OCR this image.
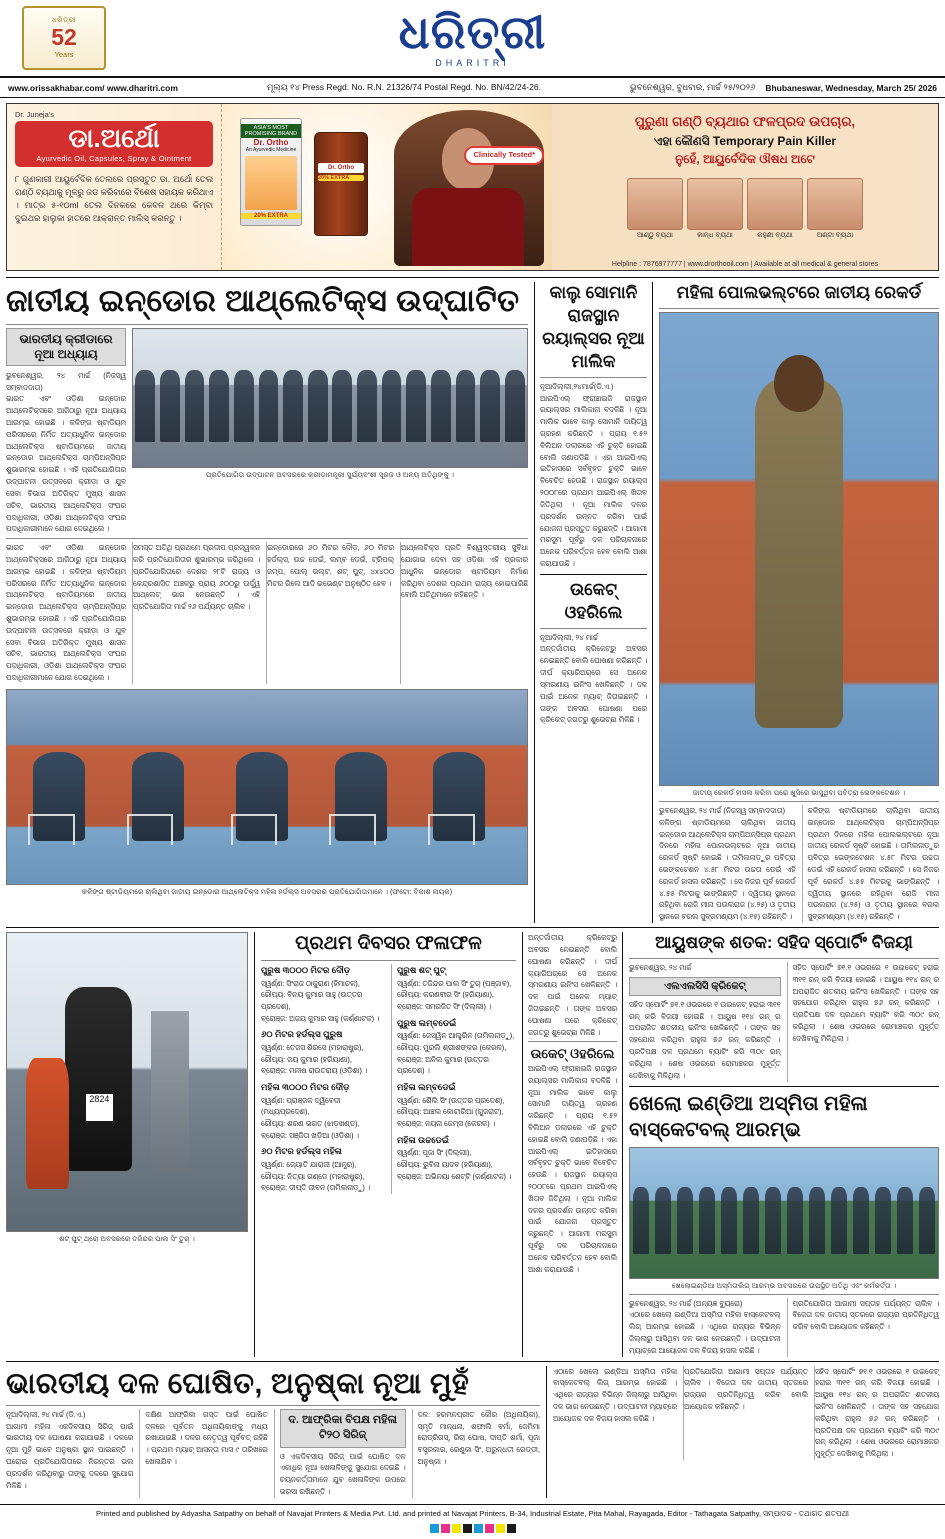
ଧରିତ୍ରୀ
52
Years	ଧରିତ୍ରୀ
DHARITRI
www.orissakhabar.com/ www.dharitri.com	ମୂଲ୍ୟ ୧୪ Press Regd. No. R.N. 21326/74 Postal Regd. No. BN/42/24-26.	ଭୁବନେଶ୍ୱର, ବୁଧବାର, ମାର୍ଚ୍ଚ ୨୫/୨୦୨୬ Bhubaneswar, Wednesday, March 25/ 2026
Dr. Juneja's
ଡା.ଅର୍ଥୋ
Ayurvedic Oil, Capsules, Spray & Ointment

୮ ଗୁଣକାରୀ ଆୟୁର୍ବେଦିକ ତେଲରେ ପ୍ରସ୍ତୁତ ଡା. ଅର୍ଥୋ ତେଲ ଗଣ୍ଠି ବ୍ୟଥାକୁ ମୂଳରୁ ଜଡ କରିବାରେ ବିଶେଷ ସହାୟକ କରିଥାଏ । ମାତ୍ର ୫-୧୦ml ତେଲ ଦିନକରେ କେବଳ ଥରେ କିମ୍ବା ଦୁଇଥର ହାଲୁକା ହାତରେ ଆକ୍ରାନ୍ତ ମାଲିସ୍ କରନ୍ତୁ ।

ASIA'S MOST PROMISING BRAND
Dr. Ortho
An Ayurvedic Medicine
20% EXTRA
Dr. Ortho
20% EXTRA
Clinically Tested*
ପୁରୁଣା ଗଣ୍ଠି ବ୍ୟଥାର ଫଳପ୍ରଦ ଉପଚାର,
ଏହା କୌଣସି Temporary Pain Killer
ନୁହେଁ, ଆୟୁର୍ବେଦିକ ଔଷଧ ଅଟେ
ଆଣ୍ଠୁ ବ୍ୟଥା	କାନ୍ଧ ବ୍ୟଥା	କହୁଣୀ ବ୍ୟଥା	ଅଣ୍ଟା ବ୍ୟଥା
Helpline : 7876977777 | www.drorthooil.com | Available at all medical & general stores
ଜାତୀୟ ଇନ୍ଡୋର ଆଥ୍‌ଲେଟିକ୍ସ ଉଦ୍‌ଘାଟିତ
ଭାରତୀୟ କ୍ରୀଡାରେ ନୂଆ ଅଧ୍ୟାୟ
ଭୁବନେଶ୍ୱର, ୨୪ ମାର୍ଚ୍ଚ (ନିଜସ୍ୱ ସମ୍ବାଦଦାତା)
ଭାରତ ଏବଂ ଓଡ଼ିଶା ଇନ୍ଡୋର ଆଥ୍‌ଲେଟିକ୍ସରେ ଆଜିଠାରୁ ନୂଆ ଅଧ୍ୟାୟ ଆରମ୍ଭ ହୋଇଛି । କଳିଙ୍ଗ ଷ୍ଟାଡିୟମ ପରିସରରେ ନିର୍ମିତ ଅତ୍ୟାଧୁନିକ ଇନ୍ଡୋର ଆଥ୍‌ଲେଟିକ୍ସ ଷ୍ଟାଡିୟମରେ ଜାତୀୟ ଇନ୍ଡୋର ଆଥ୍‌ଲେଟିକ୍ସ ଚାମ୍ପିଅନ୍‌ସିପ୍‌ର ଶୁଭାରମ୍ଭ ହୋଇଛି । ଏହି ପ୍ରତିଯୋଗିତାର ଉଦ୍‌ଘାଟନୀ ଉତ୍ସବରେ କ୍ରୀଡ଼ା ଓ ଯୁବ ସେବା ବିଭାଗ ଅତିରିକ୍ତ ମୁଖ୍ୟ ଶାସନ ସଚିବ, ଭାରତୀୟ ଆଥ୍‌ଲେଟିକ୍ସ ସଂଘର ପଦାଧିକାରୀ, ଓଡ଼ିଶା ଆଥ୍‌ଲେଟିକ୍ସ ସଂଘର ପଦାଧିକାରୀମାନେ ଯୋଗ ଦେଇଥିଲେ ।
ପ୍ରତିଯୋଗିତା ଉଦ୍‌ଘାଟନ ଅବସରରେ କ୍ରୀଡ଼ାମନ୍ତ୍ରୀ ସୁର୍ଯ୍ୟବଂଶୀ ସୂରଜ ଓ ଅନ୍ୟ ଅତିଥିଙ୍କୁ ।
ଭାରତ ଏବଂ ଓଡ଼ିଶା ଇନ୍ଡୋର ଆଥ୍‌ଲେଟିକ୍ସରେ ଆଜିଠାରୁ ନୂଆ ଅଧ୍ୟାୟ ଆରମ୍ଭ ହୋଇଛି । କଳିଙ୍ଗ ଷ୍ଟାଡିୟମ ପରିସରରେ ନିର୍ମିତ ଅତ୍ୟାଧୁନିକ ଇନ୍ଡୋର ଆଥ୍‌ଲେଟିକ୍ସ ଷ୍ଟାଡିୟମରେ ଜାତୀୟ ଇନ୍ଡୋର ଆଥ୍‌ଲେଟିକ୍ସ ଚାମ୍ପିଅନ୍‌ସିପ୍‌ର ଶୁଭାରମ୍ଭ ହୋଇଛି । ଏହି ପ୍ରତିଯୋଗିତାର ଉଦ୍‌ଘାଟନୀ ଉତ୍ସବରେ କ୍ରୀଡ଼ା ଓ ଯୁବ ସେବା ବିଭାଗ ଅତିରିକ୍ତ ମୁଖ୍ୟ ଶାସନ ସଚିବ, ଭାରତୀୟ ଆଥ୍‌ଲେଟିକ୍ସ ସଂଘର ପଦାଧିକାରୀ, ଓଡ଼ିଶା ଆଥ୍‌ଲେଟିକ୍ସ ସଂଘର ପଦାଧିକାରୀମାନେ ଯୋଗ ଦେଇଥିଲେ ।
ସମସ୍ତ ଅତିଥି ପ୍ରଥମେ ପ୍ରଦୀପ ପ୍ରଜ୍ୱଳନ କରି ପ୍ରତିଯୋଗିତାର ଶୁଭାରମ୍ଭ କରିଥିଲେ । ପ୍ରତିଯୋଗିତାରେ ଦେଶର ୨୮ଟି ରାଜ୍ୟ ଓ କେନ୍ଦ୍ରଶାସିତ ଅଞ୍ଚଳରୁ ପ୍ରାୟ ୬୦୦ରୁ ଊର୍ଦ୍ଧ୍ୱ ଆଥ୍‌ଲେଟ୍ ଭାଗ ନେଉଛନ୍ତି । ଏହି ପ୍ରତିଯୋଗିତା ମାର୍ଚ୍ଚ ୨୬ ପର୍ଯ୍ୟନ୍ତ ଚାଲିବ ।
ଇନ୍ଡୋରରେ ୬୦ ମିଟର ଦୌଡ଼, ୬୦ ମିଟର ହର୍ଡଲ୍ସ, ଉଚ୍ଚ ଡେଇଁ, ଲମ୍ବ ଡେଇଁ, ଟ୍ରିପଲ୍ ଜମ୍ପ, ପୋଲ୍ ଭଲ୍ଟ, ଶଟ୍ ପୁଟ୍, ୪x୪୦୦ ମିଟର ରିଲେ ଆଦି ଇଭେଣ୍ଟ ଅନୁଷ୍ଠିତ ହେବ ।
ଆଥ୍‌ଲେଟିକ୍ସ ପ୍ରତି ବିଶ୍ୱସ୍ତରୀୟ ସୁବିଧା ଯୋଗାଇ ଦେବା ସହ ଓଡ଼ିଶା ଏହି ପ୍ରକାର ଆଧୁନିକ ଇନ୍ଡୋର ଷ୍ଟାଡିୟମ ନିର୍ମାଣ କରିଥିବା ଦେଶର ପ୍ରଥମ ରାଜ୍ୟ ହୋଇପାରିଛି ବୋଲି ଅତିଥିମାନେ କହିଛନ୍ତି ।
କଳିଙ୍ଗ ଷ୍ଟାଡିୟମରେ ଚାଲିଥିବା ଜାତୀୟ ଇନ୍ଡୋର ଆଥ୍‌ଲେଟିକ୍ସ ମହିଳା ହର୍ଡଲ୍ସ ଅବସରର ପ୍ରତିଯୋଗିତାମାନେ । (ଫଟୋ: ବିକାଶ ନାୟକ)
କାଲୁ ସୋମାନି ରାଜସ୍ଥାନ ରୟାଲ୍ସର ନୂଆ ମାଲିକ
ନୂଆଦିଲ୍ଲୀ,୨୪ମାର୍ଚ୍ଚ(ଡି.ଏ.)
ଆଇପିଏଲ୍ ଫ୍ରାଞ୍ଚାଇଜି ରାଜସ୍ଥାନ ରୟାଲ୍ସର ମାଲିକାନା ବଦଳିଛି । ନୂଆ ମାଲିକ ଭାବେ କାଲୁ ସୋମାନି ଦାୟିତ୍ୱ ଗ୍ରହଣ କରିଛନ୍ତି । ପ୍ରାୟ ୧.୫୨ ବିଲିଅନ ଡଲାରରେ ଏହି ଚୁକ୍ତି ହୋଇଛି ବୋଲି ଜଣାପଡ଼ିଛି । ଏହା ଆଇପିଏଲ୍ ଇତିହାସରେ ସର୍ବବୃହତ ଚୁକ୍ତି ଭାବେ ବିବେଚିତ ହେଉଛି । ରାଜସ୍ଥାନ ରୟାଲ୍ସ ୨୦୦୮ରେ ପ୍ରଥମ ଆଇପିଏଲ୍ ଖିତାବ ଜିତିଥିଲା । ନୂଆ ମାଲିକ ଦଳର ପ୍ରଦର୍ଶନ ଉନ୍ନତ କରିବା ପାଇଁ ଯୋଜନା ପ୍ରସ୍ତୁତ କରୁଛନ୍ତି । ଆଗାମୀ ମରସୁମ ପୂର୍ବରୁ ଦଳ ପରିଚାଳନାରେ ଅନେକ ପରିବର୍ତ୍ତନ ହେବ ବୋଲି ଆଶା କରାଯାଉଛି ।
ଉକେଟ୍ ଓହରିଲେ
ନୂଆଦିଲ୍ଲୀ, ୨୪ ମାର୍ଚ୍ଚ
ଅନ୍ତର୍ଜାତୀୟ କ୍ରିକେଟ୍‌ରୁ ଅବସର ନେଇଛନ୍ତି ବୋଲି ଘୋଷଣା କରିଛନ୍ତି । ଦୀର୍ଘ କ୍ୟାରିଅର୍‌ରେ ସେ ଅନେକ ସ୍ମରଣୀୟ ଇନିଂସ ଖେଳିଛନ୍ତି । ଦଳ ପାଇଁ ଅନେକ ମ୍ୟାଚ୍ ଜିତାଇଛନ୍ତି । ତାଙ୍କ ଅବସର ଘୋଷଣା ପରେ କ୍ରିକେଟ୍ ଜଗତରୁ ଶୁଭେଚ୍ଛା ମିଳିଛି ।
ମହିଳା ପୋଲଭଲ୍ଟରେ ଜାତୀୟ ରେକର୍ଡ
ଜାତୀୟ ରେକର୍ଡ ହାସଲ କରିବା ପରେ ଖୁସିରେ ଭାସୁଥିବା ପବିତ୍ରା ଭେଙ୍କଟେଶନ ।
ଭୁବନେଶ୍ୱର, ୨୪ ମାର୍ଚ୍ଚ (ନିଜସ୍ୱ ସମ୍ବାଦଦାତା)
କଳିଙ୍ଗ ଷ୍ଟାଡିୟମରେ ଚାଲିଥିବା ଜାତୀୟ ଇନ୍ଡୋର ଆଥ୍‌ଲେଟିକ୍ସ ଚାମ୍ପିଅନ୍‌ସିପ୍‌ର ପ୍ରଥମ ଦିନରେ ମହିଳା ପୋଲଭଲ୍ଟରେ ନୂଆ ଜାତୀୟ ରେକର୍ଡ ସୃଷ୍ଟି ହୋଇଛି । ତାମିଲନାଡ଼ୁର ପବିତ୍ରା ଭେଙ୍କଟେଶନ ୪.୫୮ ମିଟର ଉଚ୍ଚତା ଡେଇଁ ଏହି ରେକର୍ଡ ହାସଲ କରିଛନ୍ତି । ସେ ନିଜର ପୂର୍ବ ରେକର୍ଡ ୪.୫୫ ମିଟରକୁ ଭାଙ୍ଗିଛନ୍ତି । ଦ୍ୱିତୀୟ ସ୍ଥାନରେ ରହିଥିବା ରୋଜି ମୀନା ପଉଲରାଜ (୪.୨୫) ଓ ତୃତୀୟ ସ୍ଥାନରେ ବରଲ ସୁବ୍ରମଣ୍ୟମ (୪.୧୫) ରହିଛନ୍ତି ।
କଳିଙ୍ଗ ଷ୍ଟାଡିୟମରେ ଚାଲିଥିବା ଜାତୀୟ ଇନ୍ଡୋର ଆଥ୍‌ଲେଟିକ୍ସ ଚାମ୍ପିଅନ୍‌ସିପ୍‌ର ପ୍ରଥମ ଦିନରେ ମହିଳା ପୋଲଭଲ୍ଟରେ ନୂଆ ଜାତୀୟ ରେକର୍ଡ ସୃଷ୍ଟି ହୋଇଛି । ତାମିଲନାଡ଼ୁର ପବିତ୍ରା ଭେଙ୍କଟେଶନ ୪.୫୮ ମିଟର ଉଚ୍ଚତା ଡେଇଁ ଏହି ରେକର୍ଡ ହାସଲ କରିଛନ୍ତି । ସେ ନିଜର ପୂର୍ବ ରେକର୍ଡ ୪.୫୫ ମିଟରକୁ ଭାଙ୍ଗିଛନ୍ତି । ଦ୍ୱିତୀୟ ସ୍ଥାନରେ ରହିଥିବା ରୋଜି ମୀନା ପଉଲରାଜ (୪.୨୫) ଓ ତୃତୀୟ ସ୍ଥାନରେ ବରଲ ସୁବ୍ରମଣ୍ୟମ (୪.୧୫) ରହିଛନ୍ତି ।
2824
ଶଟ୍ ପୁଟ୍ ଥ୍ରୋ ଅବସରରେ ତଜିନ୍ଦର ପାଲ ସିଂ ତୁର୍ ।
ପ୍ରଥମ ଦିବସର ଫଳାଫଳ
ପୁରୁଷ ୩୦୦୦ ମିଟର ଦୌଡ଼
ସ୍ୱର୍ଣ୍ଣ: ସିଂରାଜ ଠାକୁରାଣ (ହିମାଚଳ),
ରୌପ୍ୟ: ବିନୟ କୁମାର ସାହୁ (ଉତ୍ତର ପ୍ରଦେଶ),
ବ୍ରୋଞ୍ଜ: ଅଜୟ କୁମାର ସାହୁ (କର୍ଣ୍ଣାଟକ) ।
୬୦ ମିଟର ହର୍ଡଲ୍ସ ପୁରୁଷ
ସ୍ୱର୍ଣ୍ଣ: ତେଜସ ଶିରସେ (ମହାରାଷ୍ଟ୍ର),
ରୌପ୍ୟ: ଜୟ କୁମାର (ହରିୟାଣା),
ବ୍ରୋଞ୍ଜ: ମନୀଷ ରାଉତରାୟ (ଓଡ଼ିଶା) ।
ମହିଳା ୩୦୦୦ ମିଟର ଦୌଡ଼
ସ୍ୱର୍ଣ୍ଣ: ପ୍ରାଞ୍ଜଳ ଦ୍ୱିବେଦୀ (ମଧ୍ୟପ୍ରଦେଶ),
ରୌପ୍ୟ: ଶରଣ ଭଗତ (ଝାଡ଼ଖଣ୍ଡ),
ବ୍ରୋଞ୍ଜ: ସଞ୍ଜିତା ଖଡ଼ିଆ (ଓଡ଼ିଶା) ।
୬୦ ମିଟର ହର୍ଡଲ୍ସ ମହିଳା
ସ୍ୱର୍ଣ୍ଣ: ଜ୍ୟୋତି ଯାରାଜୀ (ଆନ୍ଧ୍ର),
ରୌପ୍ୟ: ନିତ୍ୟା ଗଣ୍ଡେ (ମହାରାଷ୍ଟ୍ର),
ବ୍ରୋଞ୍ଜ: ଦୀପ୍ତି ଜୀବନ (ତାମିଲନାଡ଼ୁ) ।
ପୁରୁଷ ଶଟ୍ ପୁଟ୍
ସ୍ୱର୍ଣ୍ଣ: ତଜିନ୍ଦର ପାଲ ସିଂ ତୁର୍ (ପଞ୍ଜାବ),
ରୌପ୍ୟ: କରଣଵୀର ସିଂ (ହରିୟାଣା),
ବ୍ରୋଞ୍ଜ: ସମରଜିତ ସିଂ (ଦିଲ୍ଲୀ) ।
ପୁରୁଷ ଲମ୍ବଡେଇଁ
ସ୍ୱର୍ଣ୍ଣ: ଜେସ୍ୱିନ ଆଲ୍ଡ୍ରିନ (ତାମିଲନାଡ଼ୁ),
ରୌପ୍ୟ: ମୁରଲି ଶ୍ରୀଶଙ୍କର (କେରଳ),
ବ୍ରୋଞ୍ଜ: ଅନିଲ କୁମାର (ଉତ୍ତର ପ୍ରଦେଶ) ।
ମହିଳା ଲମ୍ବଡେଇଁ
ସ୍ୱର୍ଣ୍ଣ: ଶୈଲି ସିଂ (ଉତ୍ତର ପ୍ରଦେଶ),
ରୌପ୍ୟ: ଆଞ୍ଚଲ କୋଟାରିଆ (ଗୁଜରାଟ),
ବ୍ରୋଞ୍ଜ: ନୟନା ଜେମ୍ସ (କେରଳ) ।
ମହିଳା ଉଚ୍ଚଡେଇଁ
ସ୍ୱର୍ଣ୍ଣ: ପୂଜା ସିଂ (ଦିଲ୍ଲୀ),
ରୌପ୍ୟ: ରୁବିନା ୟାଦବ (ହରିୟାଣା),
ବ୍ରୋଞ୍ଜ: ଅଭିନୟା ଶେଟ୍ଟି (କର୍ଣ୍ଣାଟକ) ।
ଅନ୍ତର୍ଜାତୀୟ କ୍ରିକେଟ୍‌ରୁ ଅବସର ନେଇଛନ୍ତି ବୋଲି ଘୋଷଣା କରିଛନ୍ତି । ଦୀର୍ଘ କ୍ୟାରିଅର୍‌ରେ ସେ ଅନେକ ସ୍ମରଣୀୟ ଇନିଂସ ଖେଳିଛନ୍ତି । ଦଳ ପାଇଁ ଅନେକ ମ୍ୟାଚ୍ ଜିତାଇଛନ୍ତି । ତାଙ୍କ ଅବସର ଘୋଷଣା ପରେ କ୍ରିକେଟ୍ ଜଗତରୁ ଶୁଭେଚ୍ଛା ମିଳିଛି ।
ଉକେଟ୍ ଓହରିଲେ
ଆଇପିଏଲ୍ ଫ୍ରାଞ୍ଚାଇଜି ରାଜସ୍ଥାନ ରୟାଲ୍ସର ମାଲିକାନା ବଦଳିଛି । ନୂଆ ମାଲିକ ଭାବେ କାଲୁ ସୋମାନି ଦାୟିତ୍ୱ ଗ୍ରହଣ କରିଛନ୍ତି । ପ୍ରାୟ ୧.୫୨ ବିଲିଅନ ଡଲାରରେ ଏହି ଚୁକ୍ତି ହୋଇଛି ବୋଲି ଜଣାପଡ଼ିଛି । ଏହା ଆଇପିଏଲ୍ ଇତିହାସରେ ସର୍ବବୃହତ ଚୁକ୍ତି ଭାବେ ବିବେଚିତ ହେଉଛି । ରାଜସ୍ଥାନ ରୟାଲ୍ସ ୨୦୦୮ରେ ପ୍ରଥମ ଆଇପିଏଲ୍ ଖିତାବ ଜିତିଥିଲା । ନୂଆ ମାଲିକ ଦଳର ପ୍ରଦର୍ଶନ ଉନ୍ନତ କରିବା ପାଇଁ ଯୋଜନା ପ୍ରସ୍ତୁତ କରୁଛନ୍ତି । ଆଗାମୀ ମରସୁମ ପୂର୍ବରୁ ଦଳ ପରିଚାଳନାରେ ଅନେକ ପରିବର୍ତ୍ତନ ହେବ ବୋଲି ଆଶା କରାଯାଉଛି ।
ଆୟୁଷଙ୍କ ଶତକ: ସହିଦ ସ୍ପୋର୍ଟିଂ ବିଜୟୀ
ଭୁବନେଶ୍ୱର, ୨୪ ମାର୍ଚ୍ଚ
ଏଲଏଲସିସି କ୍ରିକେଟ୍
ସହିଦ ସ୍ପୋର୍ଟିଂ ୭୧.୧ ଓଭରରେ ୧ ଉଇକେଟ୍ ହରାଇ ୩୧୧ ରନ୍ କରି ବିଜୟୀ ହୋଇଛି । ଆୟୁଷ ୧୧୪ ରନ୍ ର ଅପରାଜିତ ଶତକୀୟ ଇନିଂସ ଖେଳିଛନ୍ତି । ତାଙ୍କ ସହ ସହଯୋଗ କରିଥିବା ରାହୁଲ ୭୬ ରନ୍ କରିଛନ୍ତି । ପ୍ରତିପକ୍ଷ ଦଳ ପ୍ରଥମେ ବ୍ୟାଟିଂ କରି ୩୦୯ ରନ୍ କରିଥିଲା । ଶେଷ ଓଭରରେ ରୋମାଞ୍ଚକର ମୁହୂର୍ତ୍ତ ଦେଖିବାକୁ ମିଳିଥିଲା ।
ସହିଦ ସ୍ପୋର୍ଟିଂ ୭୧.୧ ଓଭରରେ ୧ ଉଇକେଟ୍ ହରାଇ ୩୧୧ ରନ୍ କରି ବିଜୟୀ ହୋଇଛି । ଆୟୁଷ ୧୧୪ ରନ୍ ର ଅପରାଜିତ ଶତକୀୟ ଇନିଂସ ଖେଳିଛନ୍ତି । ତାଙ୍କ ସହ ସହଯୋଗ କରିଥିବା ରାହୁଲ ୭୬ ରନ୍ କରିଛନ୍ତି । ପ୍ରତିପକ୍ଷ ଦଳ ପ୍ରଥମେ ବ୍ୟାଟିଂ କରି ୩୦୯ ରନ୍ କରିଥିଲା । ଶେଷ ଓଭରରେ ରୋମାଞ୍ଚକର ମୁହୂର୍ତ୍ତ ଦେଖିବାକୁ ମିଳିଥିଲା ।
ଖେଲୋ ଇଣ୍ଡିଆ ଅସ୍ମିତା ମହିଳା ବାସ୍କେଟବଲ୍ ଆରମ୍ଭ
ଖେଲୋଇଣ୍ଡିଆ ଅସ୍ମିତାଲିଗ୍ ଆରମ୍ଭ ଅବସରରେ ଉପସ୍ଥିତ ଅତିଥି ଏବଂ କର୍ମକର୍ତ୍ତା ।
ଭୁବନେଶ୍ୱର, ୨୪ ମାର୍ଚ୍ଚ (ଅନ୍ୟଜ୍ଞ ବ୍ୟୁରୋ)
ଏଠାରେ ଖେଲୋ ଇଣ୍ଡିଆ ଅସ୍ମିତା ମହିଳା ବାସ୍କେଟବଲ୍ ଲିଗ୍ ଆରମ୍ଭ ହୋଇଛି । ଏଥିରେ ରାଜ୍ୟର ବିଭିନ୍ନ ଜିଲ୍ଲାରୁ ଆସିଥିବା ଦଳ ଭାଗ ନେଉଛନ୍ତି । ଉଦ୍‌ଘାଟନୀ ମ୍ୟାଚ୍‌ରେ ଆୟୋଜକ ଦଳ ବିଜୟ ହାସଲ କରିଛି ।
ପ୍ରତିଯୋଗିତା ଆଗାମୀ ସପ୍ତାହ ପର୍ଯ୍ୟନ୍ତ ଚାଲିବ । ବିଜେତା ଦଳ ଜାତୀୟ ସ୍ତରରେ ରାଜ୍ୟର ପ୍ରତିନିଧିତ୍ୱ କରିବ ବୋଲି ଆୟୋଜକ କହିଛନ୍ତି ।
ଭାରତୀୟ ଦଳ ଘୋଷିତ, ଅନୁଷ୍କା ନୂଆ ମୁହଁ
ନୂଆଦିଲ୍ଲୀ, ୨୪ ମାର୍ଚ୍ଚ (ଡି.ଏ.)
ଆଗାମୀ ମହିଳା ଏକଦିବସୀୟ ସିରିଜ୍ ପାଇଁ ଭାରତୀୟ ଦଳ ଘୋଷଣା କରାଯାଇଛି । ଦଳରେ ନୂଆ ମୁହଁ ଭାବେ ଅନୁଷ୍କା ସ୍ଥାନ ପାଇଛନ୍ତି । ଘରୋଇ ପ୍ରତିଯୋଗିତାରେ ନିରନ୍ତର ଭଲ ପ୍ରଦର୍ଶନ କରିଥିବାରୁ ତାଙ୍କୁ ଦଳରେ ସୁଯୋଗ ମିଳିଛି ।
ଦକ୍ଷିଣ ଆଫ୍ରିକା ଗସ୍ତ ପାଇଁ ଘୋଷିତ ଦଳରେ ପୂର୍ବତନ ଅଧିନାୟିକାଙ୍କୁ ମଧ୍ୟ ରଖାଯାଇଛି । ଦଳର ନେତୃତ୍ୱ ପୂର୍ବବତ୍ ରହିଛି । ପ୍ରଥମ ମ୍ୟାଚ୍ ଆସନ୍ତା ମାସ ୯ ତାରିଖରେ ଖେଳାଯିବ ।
ଦ. ଆଫ୍ରିକା ବିପକ୍ଷ ମହିଳା ଟି୨୦ ସିରିଜ୍
ଓ ଏକଦିବସୀୟ ସିରିଜ୍ ପାଇଁ ଘୋଷିତ ଦଳ ଏକାଧିକ ନୂଆ ଖେଳାଳିଙ୍କୁ ସୁଯୋଗ ଦେଇଛି । ଚୟନକର୍ତ୍ତାମାନେ ଯୁବ ଖେଳାଳିଙ୍କ ଉପରେ ଭରସା ରଖିଛନ୍ତି ।
ଦଳ: ହରମନପ୍ରୀତ କୌର (ଅଧିନାୟିକା), ସ୍ମୃତି ମାନ୍ଧନା, ଶଫାଲି ଵର୍ମା, ଜେମିମା ରୋଡ୍ରିଗସ୍, ରିଚା ଘୋଷ, ଦୀପ୍ତି ଶର୍ମା, ପୂଜା ଵସ୍ତ୍ରକାର, ରେଣୁକା ସିଂ, ଅରୁନ୍ଧତୀ ରେଡ୍ଡୀ, ଅନୁଷ୍କା ।
ଏଠାରେ ଖେଲୋ ଇଣ୍ଡିଆ ଅସ୍ମିତା ମହିଳା ବାସ୍କେଟବଲ୍ ଲିଗ୍ ଆରମ୍ଭ ହୋଇଛି । ଏଥିରେ ରାଜ୍ୟର ବିଭିନ୍ନ ଜିଲ୍ଲାରୁ ଆସିଥିବା ଦଳ ଭାଗ ନେଉଛନ୍ତି । ଉଦ୍‌ଘାଟନୀ ମ୍ୟାଚ୍‌ରେ ଆୟୋଜକ ଦଳ ବିଜୟ ହାସଲ କରିଛି ।
ପ୍ରତିଯୋଗିତା ଆଗାମୀ ସପ୍ତାହ ପର୍ଯ୍ୟନ୍ତ ଚାଲିବ । ବିଜେତା ଦଳ ଜାତୀୟ ସ୍ତରରେ ରାଜ୍ୟର ପ୍ରତିନିଧିତ୍ୱ କରିବ ବୋଲି ଆୟୋଜକ କହିଛନ୍ତି ।
ସହିଦ ସ୍ପୋର୍ଟିଂ ୭୧.୧ ଓଭରରେ ୧ ଉଇକେଟ୍ ହରାଇ ୩୧୧ ରନ୍ କରି ବିଜୟୀ ହୋଇଛି । ଆୟୁଷ ୧୧୪ ରନ୍ ର ଅପରାଜିତ ଶତକୀୟ ଇନିଂସ ଖେଳିଛନ୍ତି । ତାଙ୍କ ସହ ସହଯୋଗ କରିଥିବା ରାହୁଲ ୭୬ ରନ୍ କରିଛନ୍ତି । ପ୍ରତିପକ୍ଷ ଦଳ ପ୍ରଥମେ ବ୍ୟାଟିଂ କରି ୩୦୯ ରନ୍ କରିଥିଲା । ଶେଷ ଓଭରରେ ରୋମାଞ୍ଚକର ମୁହୂର୍ତ୍ତ ଦେଖିବାକୁ ମିଳିଥିଲା ।
Printed and published by Adyasha Satpathy on behalf of Navajat Printers & Media Pvt. Ltd. and printed at Navajat Printers, B-34, Industrial Estate, Pita Mahal, Rayagada, Editor - Tathagata Satpathy, ସମ୍ପାଦକ - ତଥାଗତ ଶତପଥୀ
